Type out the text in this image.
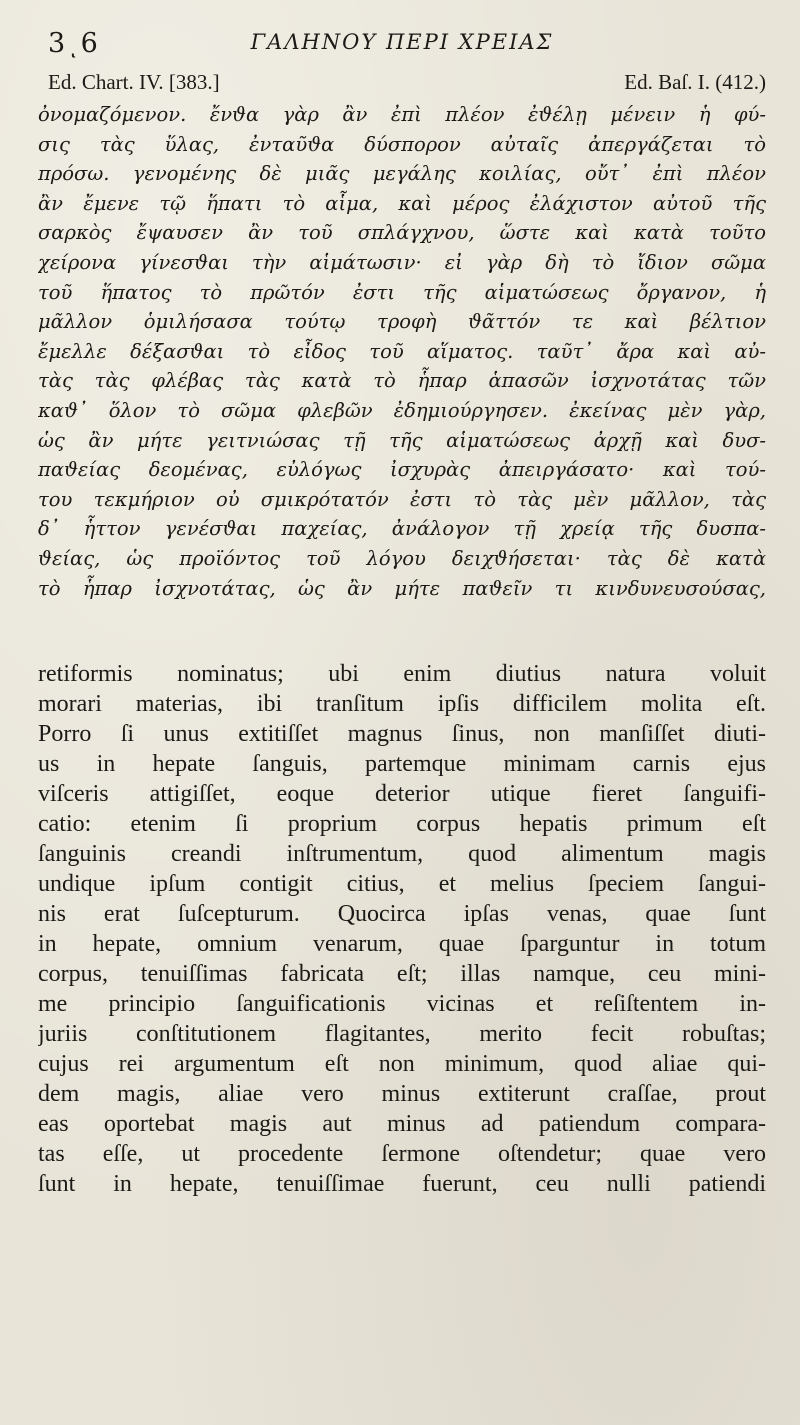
3ͺ6	ΓΑΛΗΝΟΥ ΠΕΡΙ ΧΡΕΙΑΣ
Ed. Chart. IV. [383.]	Ed. Baſ. I. (412.)
ὀνομαζόμενον. ἔνϑα γὰρ ἂν ἐπὶ πλέον ἐϑέλῃ μένειν ἡ φύ-
σις τὰς ὕλας, ἐνταῦϑα δύσπορον αὐταῖς ἀπεργάζεται τὸ
πρόσω. γενομένης δὲ μιᾶς μεγάλης κοιλίας, οὔτ᾽ ἐπὶ πλέον
ἂν ἔμενε τῷ ἥπατι τὸ αἷμα, καὶ μέρος ἐλάχιστον αὐτοῦ τῆς
σαρκὸς ἔψαυσεν ἂν τοῦ σπλάγχνου, ὥστε καὶ κατὰ τοῦτο
χείρονα γίνεσϑαι τὴν αἱμάτωσιν· εἰ γὰρ δὴ τὸ ἴδιον σῶμα
τοῦ ἥπατος τὸ πρῶτόν ἐστι τῆς αἱματώσεως ὄργανον, ἡ
μᾶλλον ὁμιλήσασα τούτῳ τροφὴ ϑᾶττόν τε καὶ βέλτιον
ἔμελλε δέξασϑαι τὸ εἶδος τοῦ αἵματος. ταῦτ᾽ ἄρα καὶ αὐ-
τὰς τὰς φλέβας τὰς κατὰ τὸ ἧπαρ ἁπασῶν ἰσχνοτάτας τῶν
καϑ᾽ ὅλον τὸ σῶμα φλεβῶν ἐδημιούργησεν. ἐκείνας μὲν γὰρ,
ὡς ἂν μήτε γειτνιώσας τῇ τῆς αἱματώσεως ἀρχῇ καὶ δυσ-
παϑείας δεομένας, εὐλόγως ἰσχυρὰς ἀπειργάσατο· καὶ τού-
του τεκμήριον οὐ σμικρότατόν ἐστι τὸ τὰς μὲν μᾶλλον, τὰς
δ᾽ ἧττον γενέσϑαι παχείας, ἀνάλογον τῇ χρείᾳ τῆς δυσπα-
ϑείας, ὡς προϊόντος τοῦ λόγου δειχϑήσεται· τὰς δὲ κατὰ
τὸ ἧπαρ ἰσχνοτάτας, ὡς ἂν μήτε παϑεῖν τι κινδυνευσούσας,
retiformis nominatus; ubi enim diutius natura voluit
morari materias, ibi tranſitum ipſis difficilem molita eſt.
Porro ſi unus extitiſſet magnus ſinus, non manſiſſet diuti-
us in hepate ſanguis, partemque minimam carnis ejus
viſceris attigiſſet, eoque deterior utique fieret ſanguifi-
catio: etenim ſi proprium corpus hepatis primum eſt
ſanguinis creandi inſtrumentum, quod alimentum magis
undique ipſum contigit citius, et melius ſpeciem ſangui-
nis erat ſuſcepturum. Quocirca ipſas venas, quae ſunt
in hepate, omnium venarum, quae ſparguntur in totum
corpus, tenuiſſimas fabricata eſt; illas namque, ceu mini-
me principio ſanguificationis vicinas et reſiſtentem in-
juriis conſtitutionem flagitantes, merito fecit robuſtas;
cujus rei argumentum eſt non minimum, quod aliae qui-
dem magis, aliae vero minus extiterunt craſſae, prout
eas oportebat magis aut minus ad patiendum compara-
tas eſſe, ut procedente ſermone oſtendetur; quae vero
ſunt in hepate, tenuiſſimae fuerunt, ceu nulli patiendi
